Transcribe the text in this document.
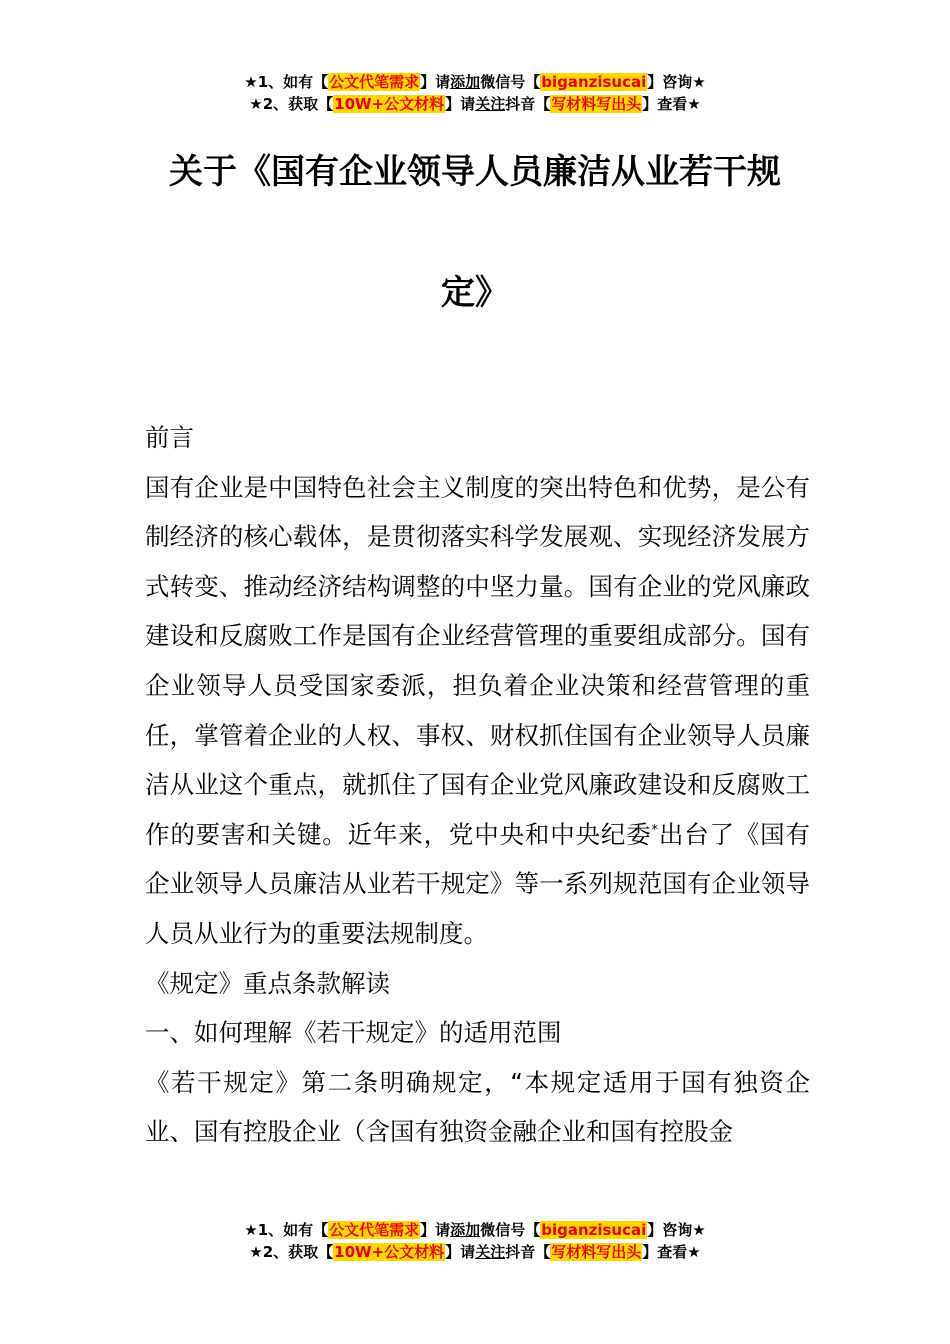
★1、如有【公文代笔需求】请添加微信号【biganzisucai】咨询★
★2、获取【10W+公文材料】请关注抖音【写材料写出头】查看★
关于《国有企业领导人员廉洁从业若干规
定》

前言

国有企业是中国特色社会主义制度的突出特色和优势，是公有制经济的核心载体，是贯彻落实科学发展观、实现经济发展方式转变、推动经济结构调整的中坚力量。国有企业的党风廉政建设和反腐败工作是国有企业经营管理的重要组成部分。国有企业领导人员受国家委派，担负着企业决策和经营管理的重任，掌管着企业的人权、事权、财权抓住国有企业领导人员廉洁从业这个重点，就抓住了国有企业党风廉政建设和反腐败工作的要害和关键。近年来，党中央和中央纪委*出台了《国有企业领导人员廉洁从业若干规定》等一系列规范国有企业领导人员从业行为的重要法规制度。

《规定》重点条款解读

一、如何理解《若干规定》的适用范围

《若干规定》第二条明确规定，“本规定适用于国有独资企业、国有控股企业（含国有独资金融企业和国有控股金

★1、如有【公文代笔需求】请添加微信号【biganzisucai】咨询★
★2、获取【10W+公文材料】请关注抖音【写材料写出头】查看★
